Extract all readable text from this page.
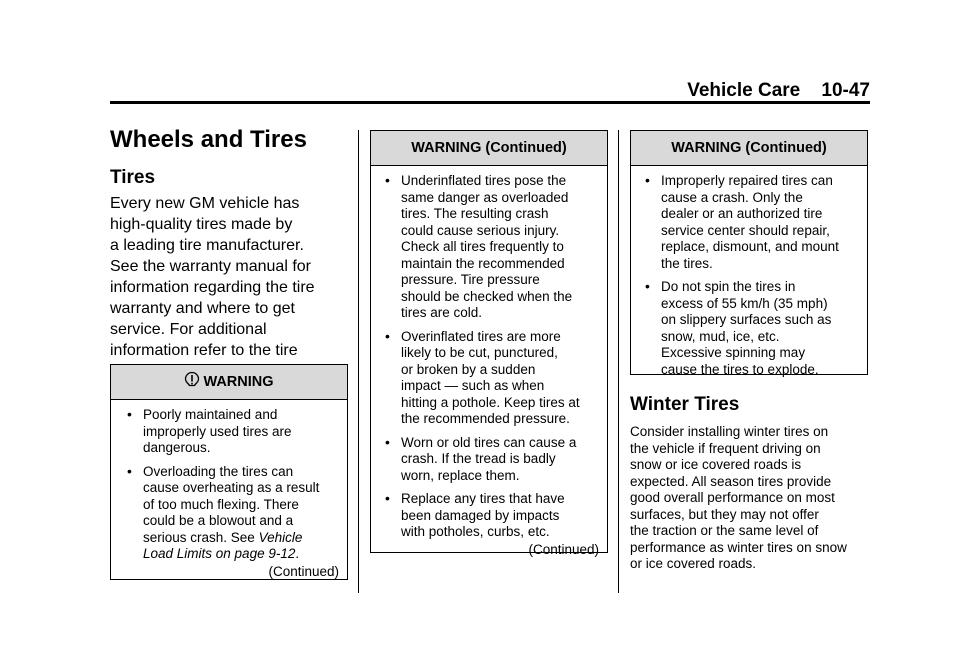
Vehicle Care 10-47
Wheels and Tires
Tires
Every new GM vehicle has
high-quality tires made by
a leading tire manufacturer.
See the warranty manual for
information regarding the tire
warranty and where to get
service. For additional
information refer to the tire
WARNING
• Poorly maintained and
improperly used tires are
dangerous.
• Overloading the tires can
cause overheating as a result
of too much flexing. There
could be a blowout and a
serious crash. See Vehicle
Load Limits on page 9-12.
(Continued)
WARNING (Continued)
• Underinflated tires pose the
same danger as overloaded
tires. The resulting crash
could cause serious injury.
Check all tires frequently to
maintain the recommended
pressure. Tire pressure
should be checked when the
tires are cold.
• Overinflated tires are more
likely to be cut, punctured,
or broken by a sudden
impact — such as when
hitting a pothole. Keep tires at
the recommended pressure.
• Worn or old tires can cause a
crash. If the tread is badly
worn, replace them.
• Replace any tires that have
been damaged by impacts
with potholes, curbs, etc.
(Continued)
WARNING (Continued)
• Improperly repaired tires can
cause a crash. Only the
dealer or an authorized tire
service center should repair,
replace, dismount, and mount
the tires.
• Do not spin the tires in
excess of 55 km/h (35 mph)
on slippery surfaces such as
snow, mud, ice, etc.
Excessive spinning may
cause the tires to explode.
Winter Tires
Consider installing winter tires on
the vehicle if frequent driving on
snow or ice covered roads is
expected. All season tires provide
good overall performance on most
surfaces, but they may not offer
the traction or the same level of
performance as winter tires on snow
or ice covered roads.
